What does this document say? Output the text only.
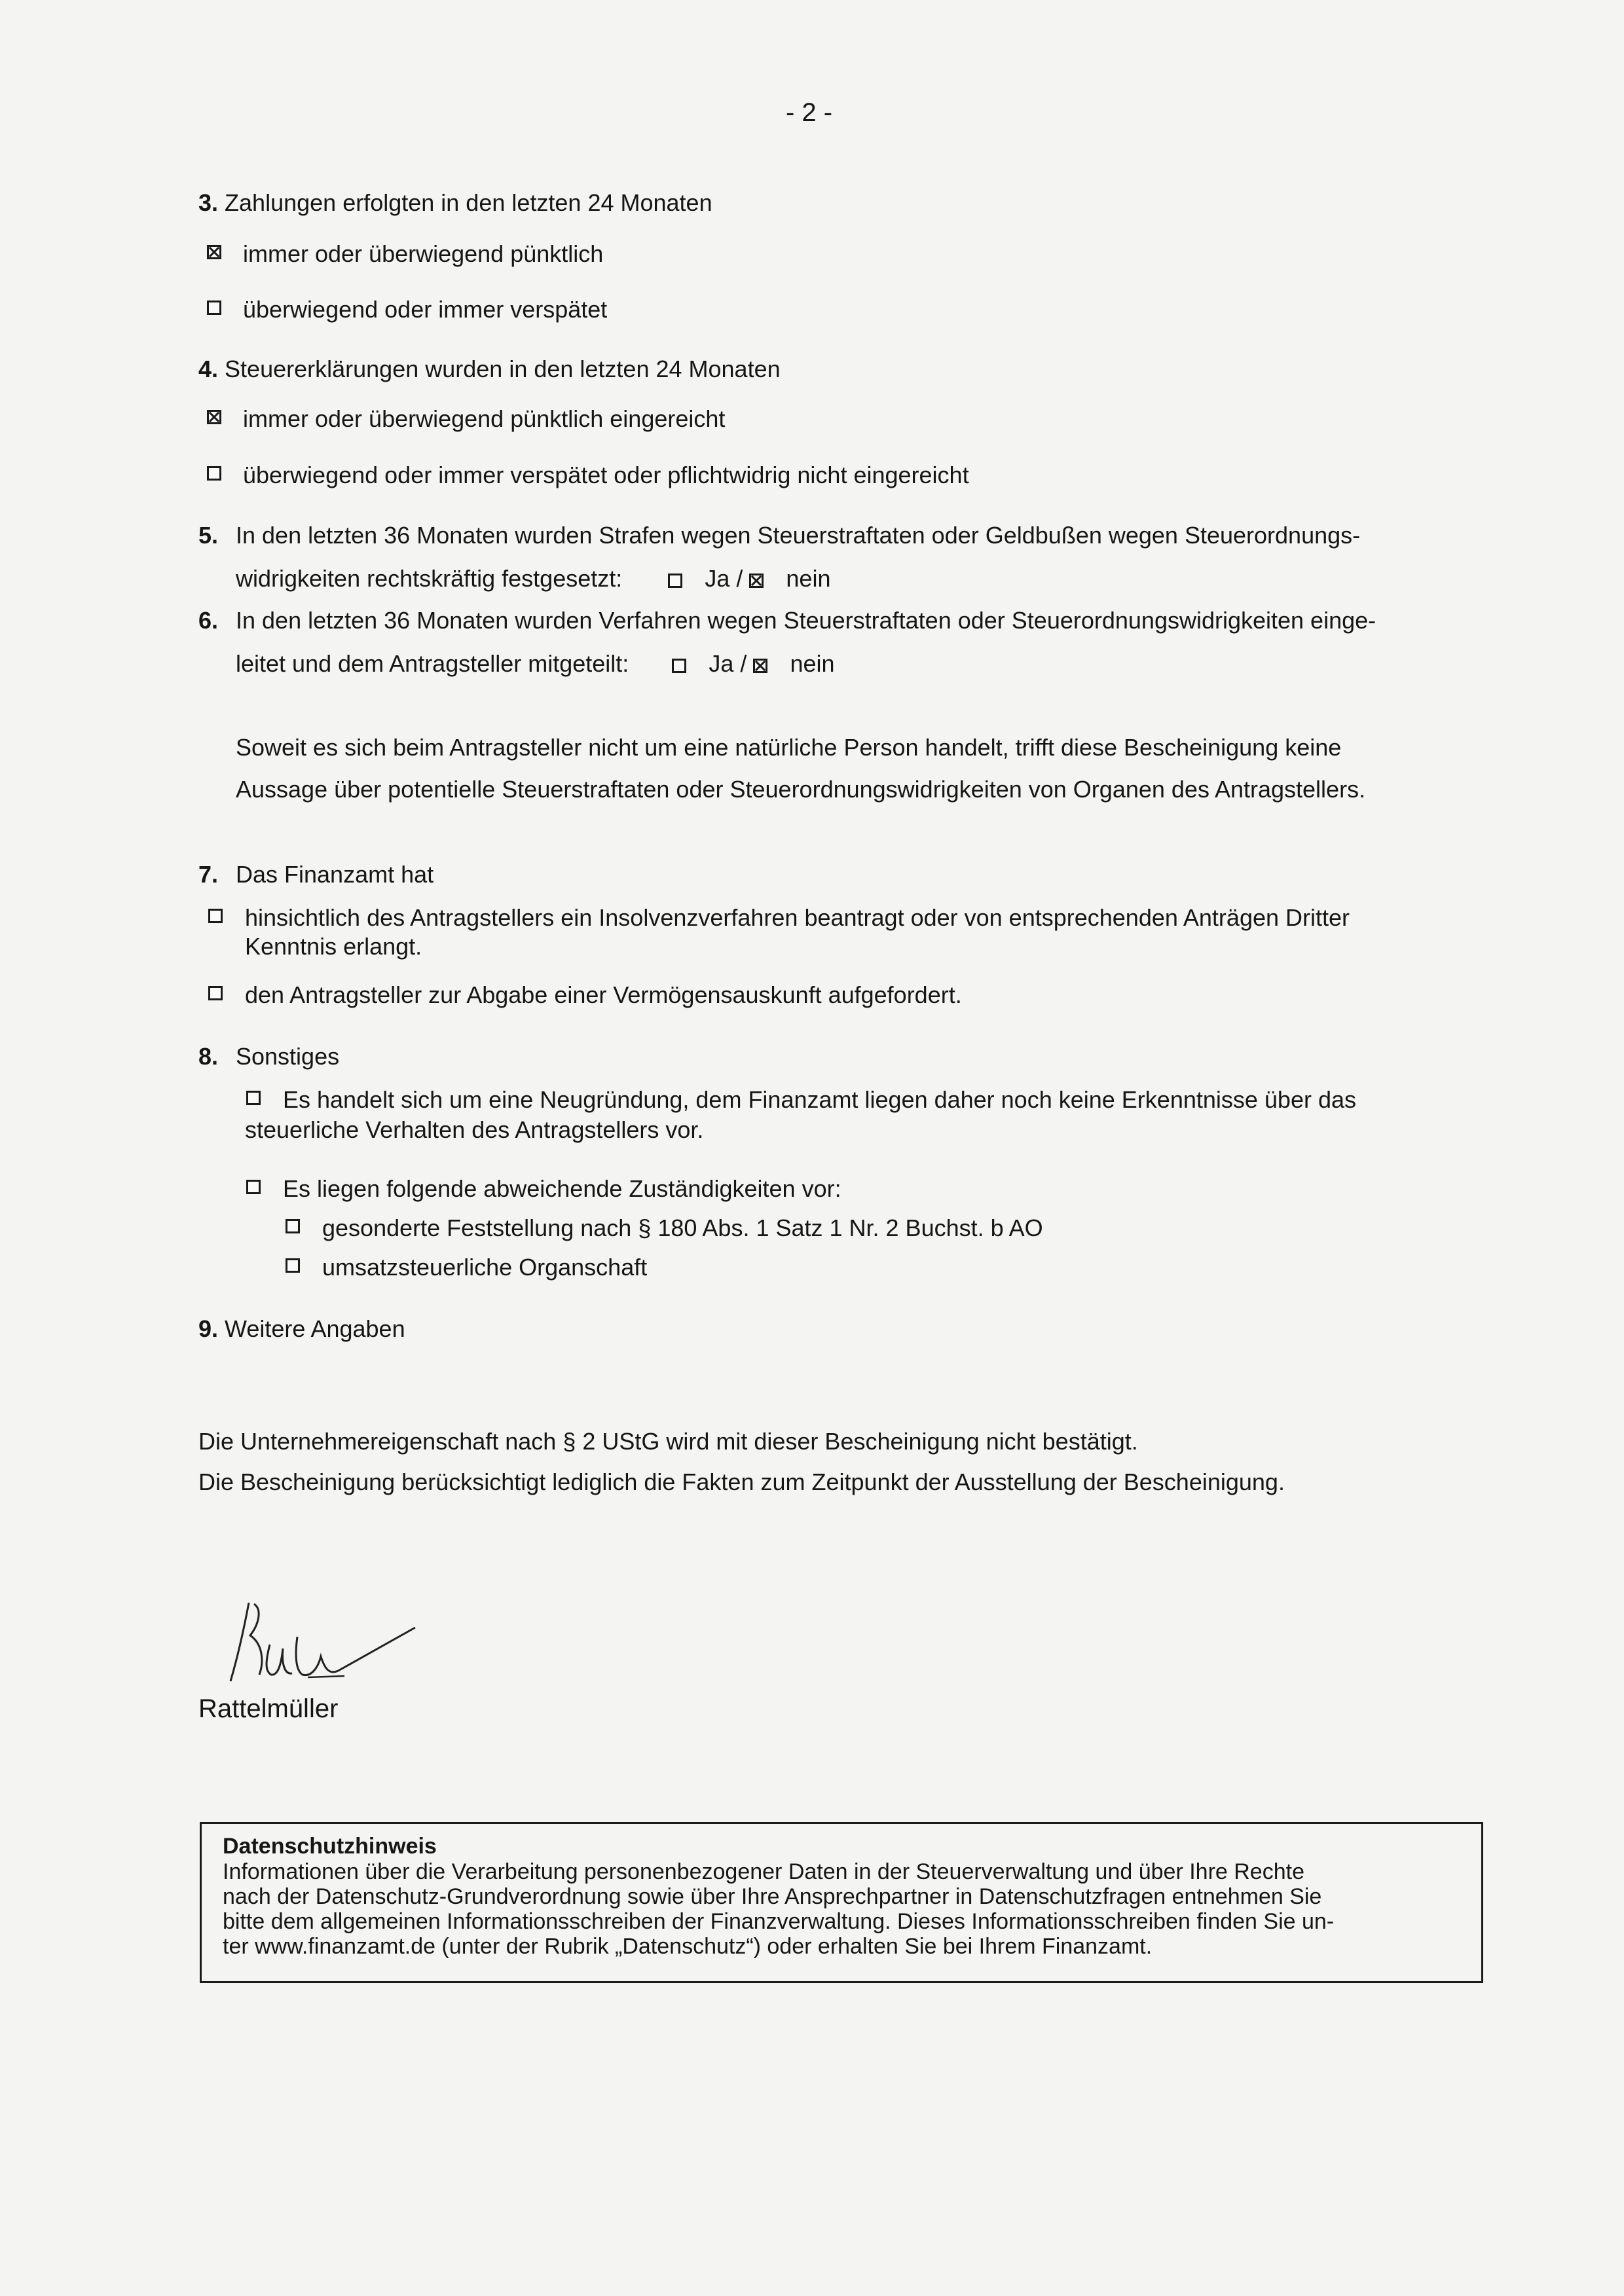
- 2 -
3. Zahlungen erfolgten in den letzten 24 Monaten
immer oder überwiegend pünktlich
überwiegend oder immer verspätet
4. Steuererklärungen wurden in den letzten 24 Monaten
immer oder überwiegend pünktlich eingereicht
überwiegend oder immer verspätet oder pflichtwidrig nicht eingereicht
5. In den letzten 36 Monaten wurden Strafen wegen Steuerstraftaten oder Geldbußen wegen Steuerordnungs-
widrigkeiten rechtskräftig festgesetzt:	Ja / nein
6. In den letzten 36 Monaten wurden Verfahren wegen Steuerstraftaten oder Steuerordnungswidrigkeiten einge-
leitet und dem Antragsteller mitgeteilt:	Ja / nein
Soweit es sich beim Antragsteller nicht um eine natürliche Person handelt, trifft diese Bescheinigung keine
Aussage über potentielle Steuerstraftaten oder Steuerordnungswidrigkeiten von Organen des Antragstellers.
7. Das Finanzamt hat
hinsichtlich des Antragstellers ein Insolvenzverfahren beantragt oder von entsprechenden Anträgen Dritter
Kenntnis erlangt.
den Antragsteller zur Abgabe einer Vermögensauskunft aufgefordert.
8. Sonstiges
Es handelt sich um eine Neugründung, dem Finanzamt liegen daher noch keine Erkenntnisse über das
steuerliche Verhalten des Antragstellers vor.
Es liegen folgende abweichende Zuständigkeiten vor:
gesonderte Feststellung nach § 180 Abs. 1 Satz 1 Nr. 2 Buchst. b AO
umsatzsteuerliche Organschaft
9. Weitere Angaben
Die Unternehmereigenschaft nach § 2 UStG wird mit dieser Bescheinigung nicht bestätigt.
Die Bescheinigung berücksichtigt lediglich die Fakten zum Zeitpunkt der Ausstellung der Bescheinigung.
Rattelmüller
Datenschutzhinweis
Informationen über die Verarbeitung personenbezogener Daten in der Steuerverwaltung und über Ihre Rechte
nach der Datenschutz-Grundverordnung sowie über Ihre Ansprechpartner in Datenschutzfragen entnehmen Sie
bitte dem allgemeinen Informationsschreiben der Finanzverwaltung. Dieses Informationsschreiben finden Sie un-
ter www.finanzamt.de (unter der Rubrik „Datenschutz“) oder erhalten Sie bei Ihrem Finanzamt.
